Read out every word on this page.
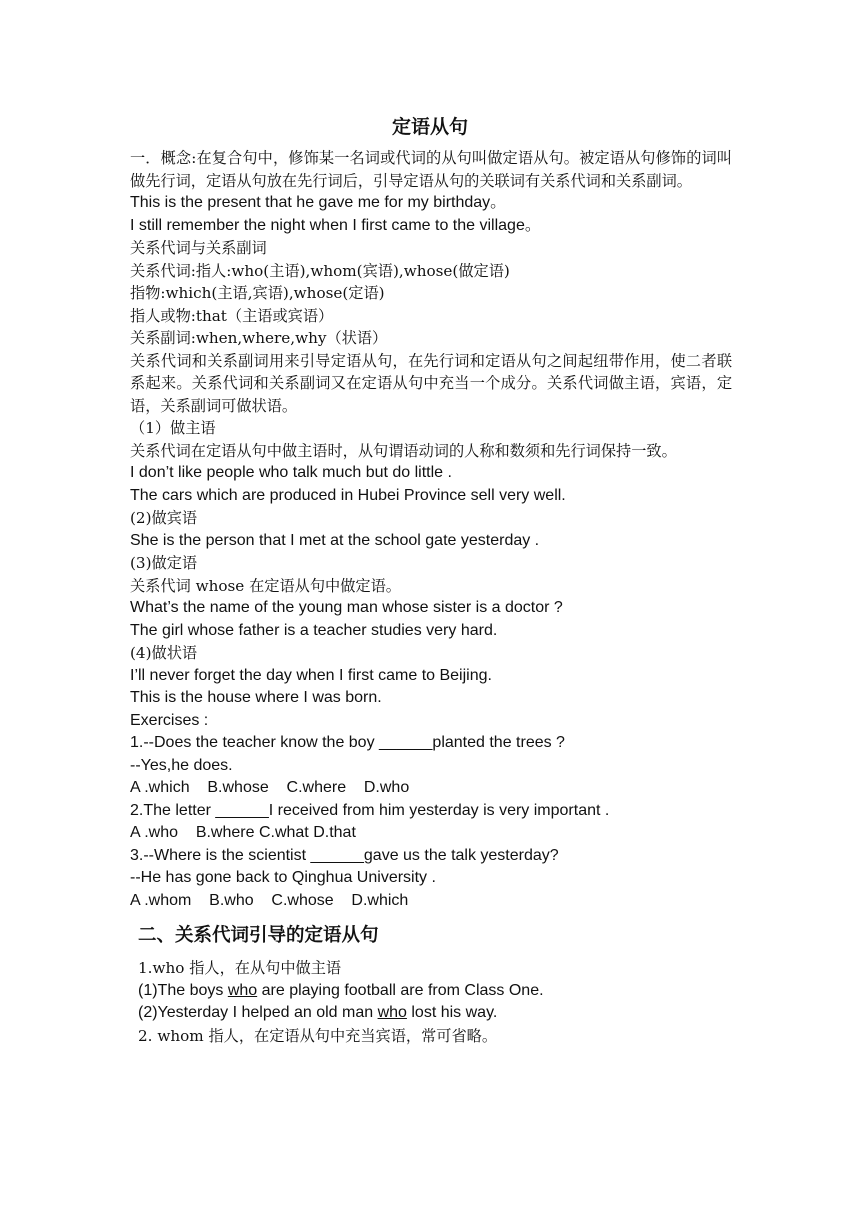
定语从句
一．概念:在复合句中，修饰某一名词或代词的从句叫做定语从句。被定语从句修饰的词叫做先行词，定语从句放在先行词后，引导定语从句的关联词有关系代词和关系副词。
This is the present that he gave me for my birthday。
I still remember the night when I first came to the village。
关系代词与关系副词
关系代词:指人:who(主语),whom(宾语),whose(做定语)
指物:which(主语,宾语),whose(定语)
指人或物:that（主语或宾语）
关系副词:when,where,why（状语）
关系代词和关系副词用来引导定语从句，在先行词和定语从句之间起纽带作用，使二者联系起来。关系代词和关系副词又在定语从句中充当一个成分。关系代词做主语，宾语，定语，关系副词可做状语。
（1）做主语
关系代词在定语从句中做主语时，从句谓语动词的人称和数须和先行词保持一致。
I don’t like people who talk much but do little .
The cars which are produced in Hubei Province sell very well.
(2)做宾语
She is the person that I met at the school gate yesterday .
(3)做定语
关系代词 whose 在定语从句中做定语。
What’s the name of the young man whose sister is a doctor ?
The girl whose father is a teacher studies very hard.
(4)做状语
I’ll never forget the day when I first came to Beijing.
This is the house where I was born.
Exercises :
1.--Does the teacher know the boy ______planted the trees ?
--Yes,he does.
A .which    B.whose    C.where    D.who
2.The letter ______I received from him yesterday is very important .
A .who    B.where C.what D.that
3.--Where is the scientist ______gave us the talk yesterday?
--He has gone back to Qinghua University .
A .whom    B.who    C.whose    D.which
二、关系代词引导的定语从句
1.who 指人，在从句中做主语
(1)The boys who are playing football are from Class One.
(2)Yesterday I helped an old man who lost his way.
2. whom 指人，在定语从句中充当宾语，常可省略。
